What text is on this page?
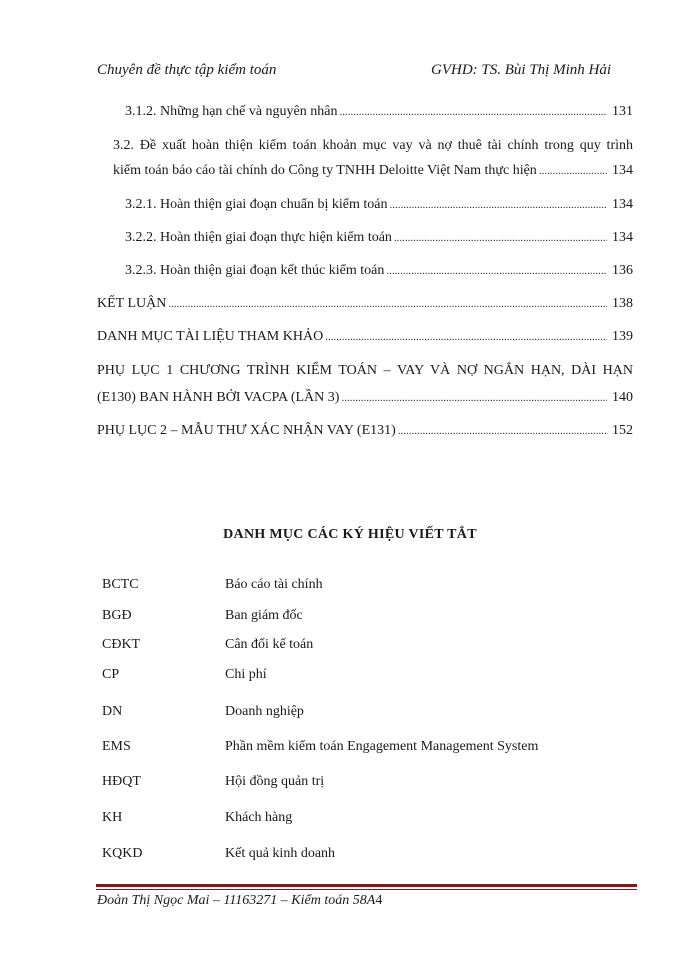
Chuyên đề thực tập kiểm toán	GVHD: TS. Bùi Thị Minh Hải
3.1.2. Những hạn chế và nguyên nhân .....	131
3.2. Đề xuất hoàn thiện kiểm toán khoản mục vay và nợ thuê tài chính trong quy trình
kiểm toán báo cáo tài chính do Công ty TNHH Deloitte Việt Nam thực hiện .....	134
3.2.1. Hoàn thiện giai đoạn chuẩn bị kiểm toán .....	134
3.2.2. Hoàn thiện giai đoạn thực hiện kiểm toán .....	134
3.2.3. Hoàn thiện giai đoạn kết thúc kiểm toán .....	136
KẾT LUẬN .....	138
DANH MỤC TÀI LIỆU THAM KHẢO .....	139
PHỤ LỤC 1 CHƯƠNG TRÌNH KIỂM TOÁN – VAY VÀ NỢ NGẮN HẠN, DÀI HẠN
(E130) BAN HÀNH BỞI VACPA (LẦN 3) .....	140
PHỤ LỤC 2 – MẪU THƯ XÁC NHẬN VAY (E131) .....	152
DANH MỤC CÁC KÝ HIỆU VIẾT TẮT
BCTC	Báo cáo tài chính
BGĐ	Ban giám đốc
CĐKT	Cân đối kế toán
CP	Chi phí
DN	Doanh nghiệp
EMS	Phần mềm kiểm toán Engagement Management System
HĐQT	Hội đồng quản trị
KH	Khách hàng
KQKD	Kết quả kinh doanh
Đoàn Thị Ngọc Mai – 11163271 – Kiểm toán 58A4
